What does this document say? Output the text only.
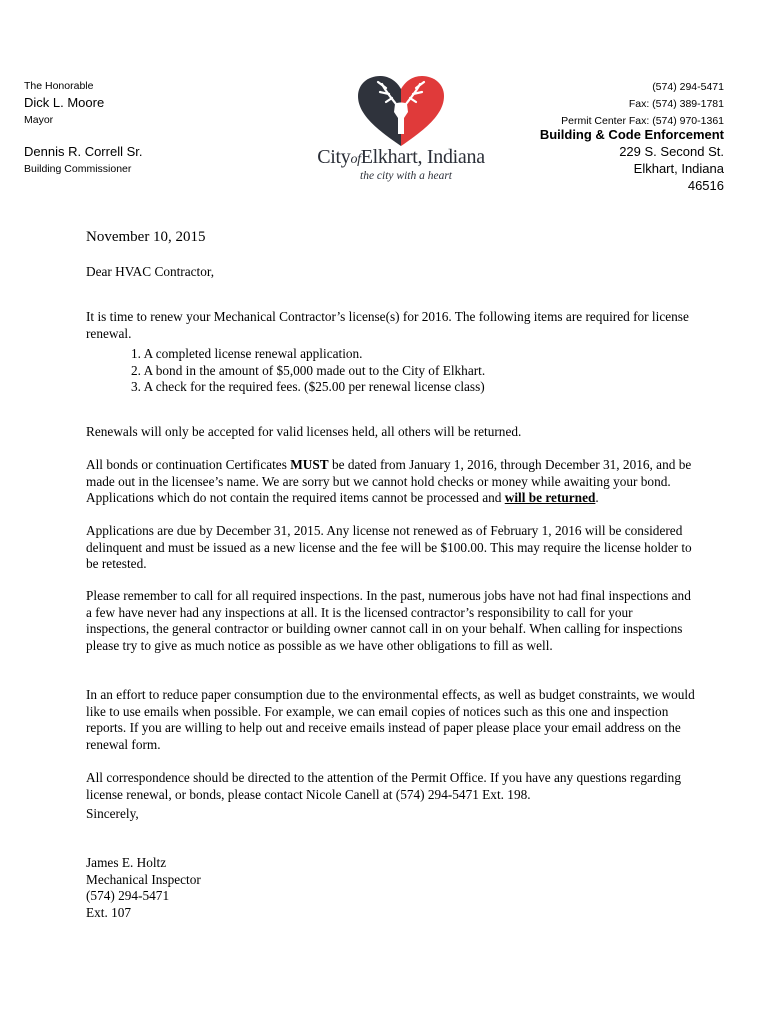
The Honorable
Dick L. Moore
Mayor
Dennis R. Correll Sr.
Building Commissioner
CityofElkhart, Indiana
the city with a heart
(574) 294-5471
Fax: (574) 389-1781
Permit Center Fax: (574) 970-1361
Building & Code Enforcement
229 S. Second St.
Elkhart, Indiana
46516
November 10, 2015
Dear HVAC Contractor,

It is time to renew your Mechanical Contractor’s license(s) for 2016. The following items are required for license renewal.

1. A completed license renewal application.
2. A bond in the amount of $5,000 made out to the City of Elkhart.
3. A check for the required fees. ($25.00 per renewal license class)

Renewals will only be accepted for valid licenses held, all others will be returned.

All bonds or continuation Certificates MUST be dated from January 1, 2016, through December 31, 2016, and be made out in the licensee’s name. We are sorry but we cannot hold checks or money while awaiting your bond. Applications which do not contain the required items cannot be processed and will be returned.

Applications are due by December 31, 2015. Any license not renewed as of February 1, 2016 will be considered delinquent and must be issued as a new license and the fee will be $100.00. This may require the license holder to be retested.

Please remember to call for all required inspections. In the past, numerous jobs have not had final inspections and a few have never had any inspections at all. It is the licensed contractor’s responsibility to call for your inspections, the general contractor or building owner cannot call in on your behalf. When calling for inspections please try to give as much notice as possible as we have other obligations to fill as well.

In an effort to reduce paper consumption due to the environmental effects, as well as budget constraints, we would like to use emails when possible. For example, we can email copies of notices such as this one and inspection reports. If you are willing to help out and receive emails instead of paper please place your email address on the renewal form.

All correspondence should be directed to the attention of the Permit Office. If you have any questions regarding license renewal, or bonds, please contact Nicole Canell at (574) 294-5471 Ext. 198.

Sincerely,
James E. Holtz
Mechanical Inspector
(574) 294-5471
Ext. 107
